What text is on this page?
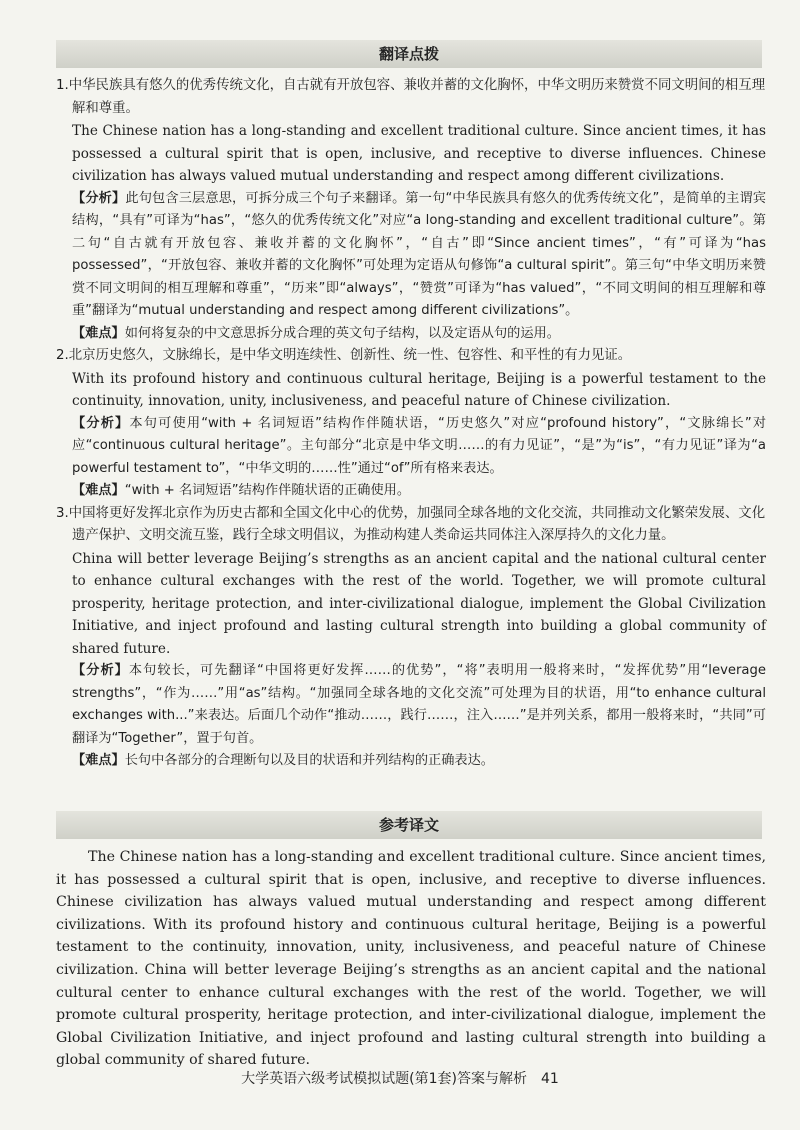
翻译点拨
1.中华民族具有悠久的优秀传统文化，自古就有开放包容、兼收并蓄的文化胸怀，中华文明历来赞赏不同文明间的相互理解和尊重。
The Chinese nation has a long-standing and excellent traditional culture. Since ancient times, it has possessed a cultural spirit that is open, inclusive, and receptive to diverse influences. Chinese civilization has always valued mutual understanding and respect among different civilizations.
【分析】此句包含三层意思，可拆分成三个句子来翻译。第一句“中华民族具有悠久的优秀传统文化”，是简单的主谓宾结构，“具有”可译为“has”，“悠久的优秀传统文化”对应“a long-standing and excellent traditional culture”。第二句“自古就有开放包容、兼收并蓄的文化胸怀”，“自古”即“Since ancient times”，“有”可译为“has possessed”，“开放包容、兼收并蓄的文化胸怀”可处理为定语从句修饰“a cultural spirit”。第三句“中华文明历来赞赏不同文明间的相互理解和尊重”，“历来”即“always”，“赞赏”可译为“has valued”，“不同文明间的相互理解和尊重”翻译为“mutual understanding and respect among different civilizations”。
【难点】如何将复杂的中文意思拆分成合理的英文句子结构，以及定语从句的运用。
2.北京历史悠久，文脉绵长，是中华文明连续性、创新性、统一性、包容性、和平性的有力见证。
With its profound history and continuous cultural heritage, Beijing is a powerful testament to the continuity, innovation, unity, inclusiveness, and peaceful nature of Chinese civilization.
【分析】本句可使用“with + 名词短语”结构作伴随状语，“历史悠久”对应“profound history”，“文脉绵长”对应“continuous cultural heritage”。主句部分“北京是中华文明……的有力见证”，“是”为“is”，“有力见证”译为“a powerful testament to”，“中华文明的……性”通过“of”所有格来表达。
【难点】“with + 名词短语”结构作伴随状语的正确使用。
3.中国将更好发挥北京作为历史古都和全国文化中心的优势，加强同全球各地的文化交流，共同推动文化繁荣发展、文化遗产保护、文明交流互鉴，践行全球文明倡议，为推动构建人类命运共同体注入深厚持久的文化力量。
China will better leverage Beijing’s strengths as an ancient capital and the national cultural center to enhance cultural exchanges with the rest of the world. Together, we will promote cultural prosperity, heritage protection, and inter-civilizational dialogue, implement the Global Civilization Initiative, and inject profound and lasting cultural strength into building a global community of shared future.
【分析】本句较长，可先翻译“中国将更好发挥……的优势”，“将”表明用一般将来时，“发挥优势”用“leverage strengths”，“作为……”用“as”结构。“加强同全球各地的文化交流”可处理为目的状语，用“to enhance cultural exchanges with...”来表达。后面几个动作“推动……，践行……，注入……”是并列关系，都用一般将来时，“共同”可翻译为“Together”，置于句首。
【难点】长句中各部分的合理断句以及目的状语和并列结构的正确表达。
参考译文
The Chinese nation has a long-standing and excellent traditional culture. Since ancient times, it has possessed a cultural spirit that is open, inclusive, and receptive to diverse influences. Chinese civilization has always valued mutual understanding and respect among different civilizations. With its profound history and continuous cultural heritage, Beijing is a powerful testament to the continuity, innovation, unity, inclusiveness, and peaceful nature of Chinese civilization. China will better leverage Beijing’s strengths as an ancient capital and the national cultural center to enhance cultural exchanges with the rest of the world. Together, we will promote cultural prosperity, heritage protection, and inter-civilizational dialogue, implement the Global Civilization Initiative, and inject profound and lasting cultural strength into building a global community of shared future.
大学英语六级考试模拟试题(第1套)答案与解析 41
